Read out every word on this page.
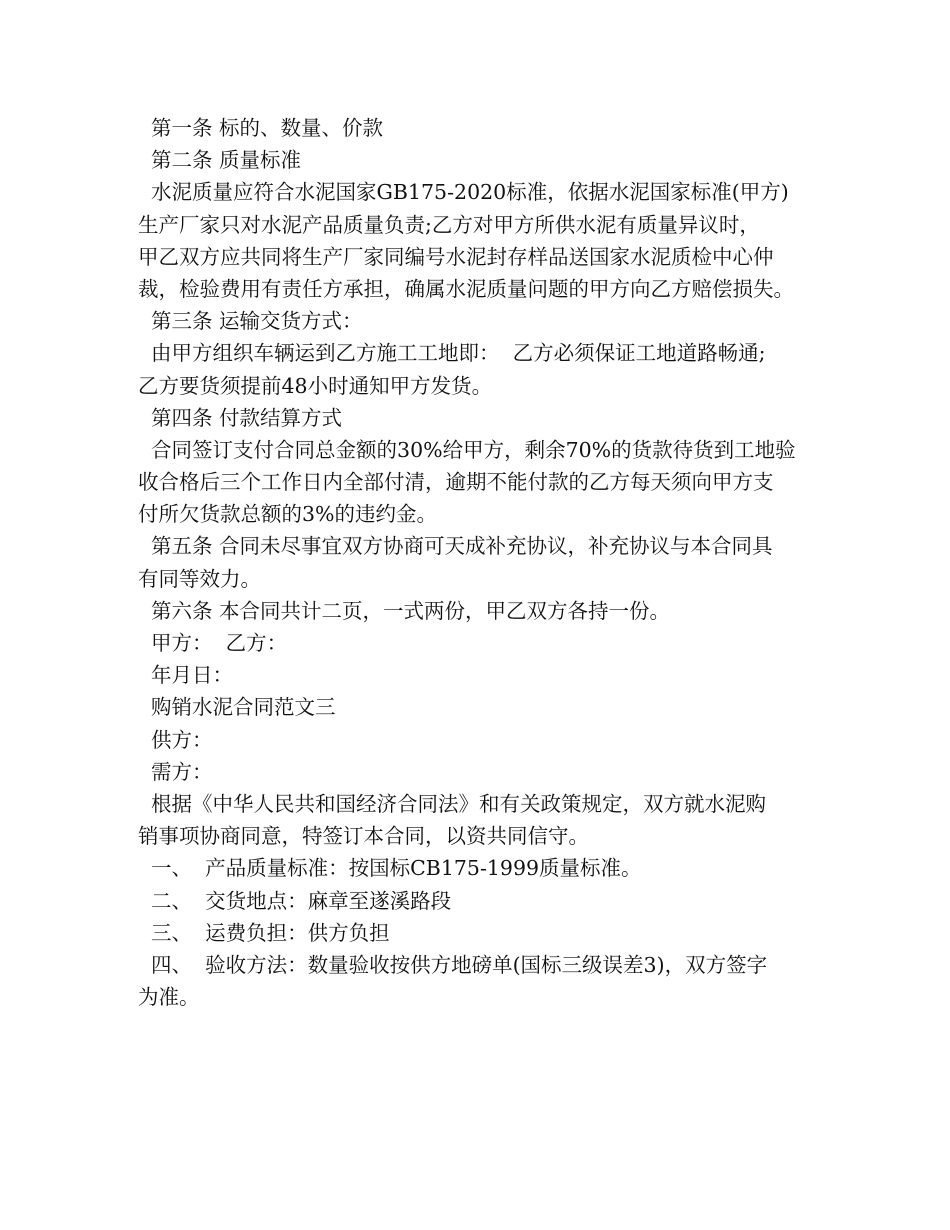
第一条 标的、数量、价款

第二条 质量标准

水泥质量应符合水泥国家GB175-2020标准，依据水泥国家标准(甲方)

生产厂家只对水泥产品质量负责;乙方对甲方所供水泥有质量异议时，

甲乙双方应共同将生产厂家同编号水泥封存样品送国家水泥质检中心仲

裁，检验费用有责任方承担，确属水泥质量问题的甲方向乙方赔偿损失。

第三条 运输交货方式：

由甲方组织车辆运到乙方施工工地即：  乙方必须保证工地道路畅通;

乙方要货须提前48小时通知甲方发货。

第四条 付款结算方式

合同签订支付合同总金额的30%给甲方，剩余70%的货款待货到工地验

收合格后三个工作日内全部付清，逾期不能付款的乙方每天须向甲方支

付所欠货款总额的3%的违约金。

第五条 合同未尽事宜双方协商可天成补充协议，补充协议与本合同具

有同等效力。

第六条 本合同共计二页，一式两份，甲乙双方各持一份。

甲方：  乙方：

年月日：

购销水泥合同范文三

供方：

需方：

根据《中华人民共和国经济合同法》和有关政策规定，双方就水泥购

销事项协商同意，特签订本合同，以资共同信守。

一、  产品质量标准：按国标CB175-1999质量标准。

二、  交货地点：麻章至遂溪路段

三、  运费负担：供方负担

四、  验收方法：数量验收按供方地磅单(国标三级误差3)，双方签字

为准。
